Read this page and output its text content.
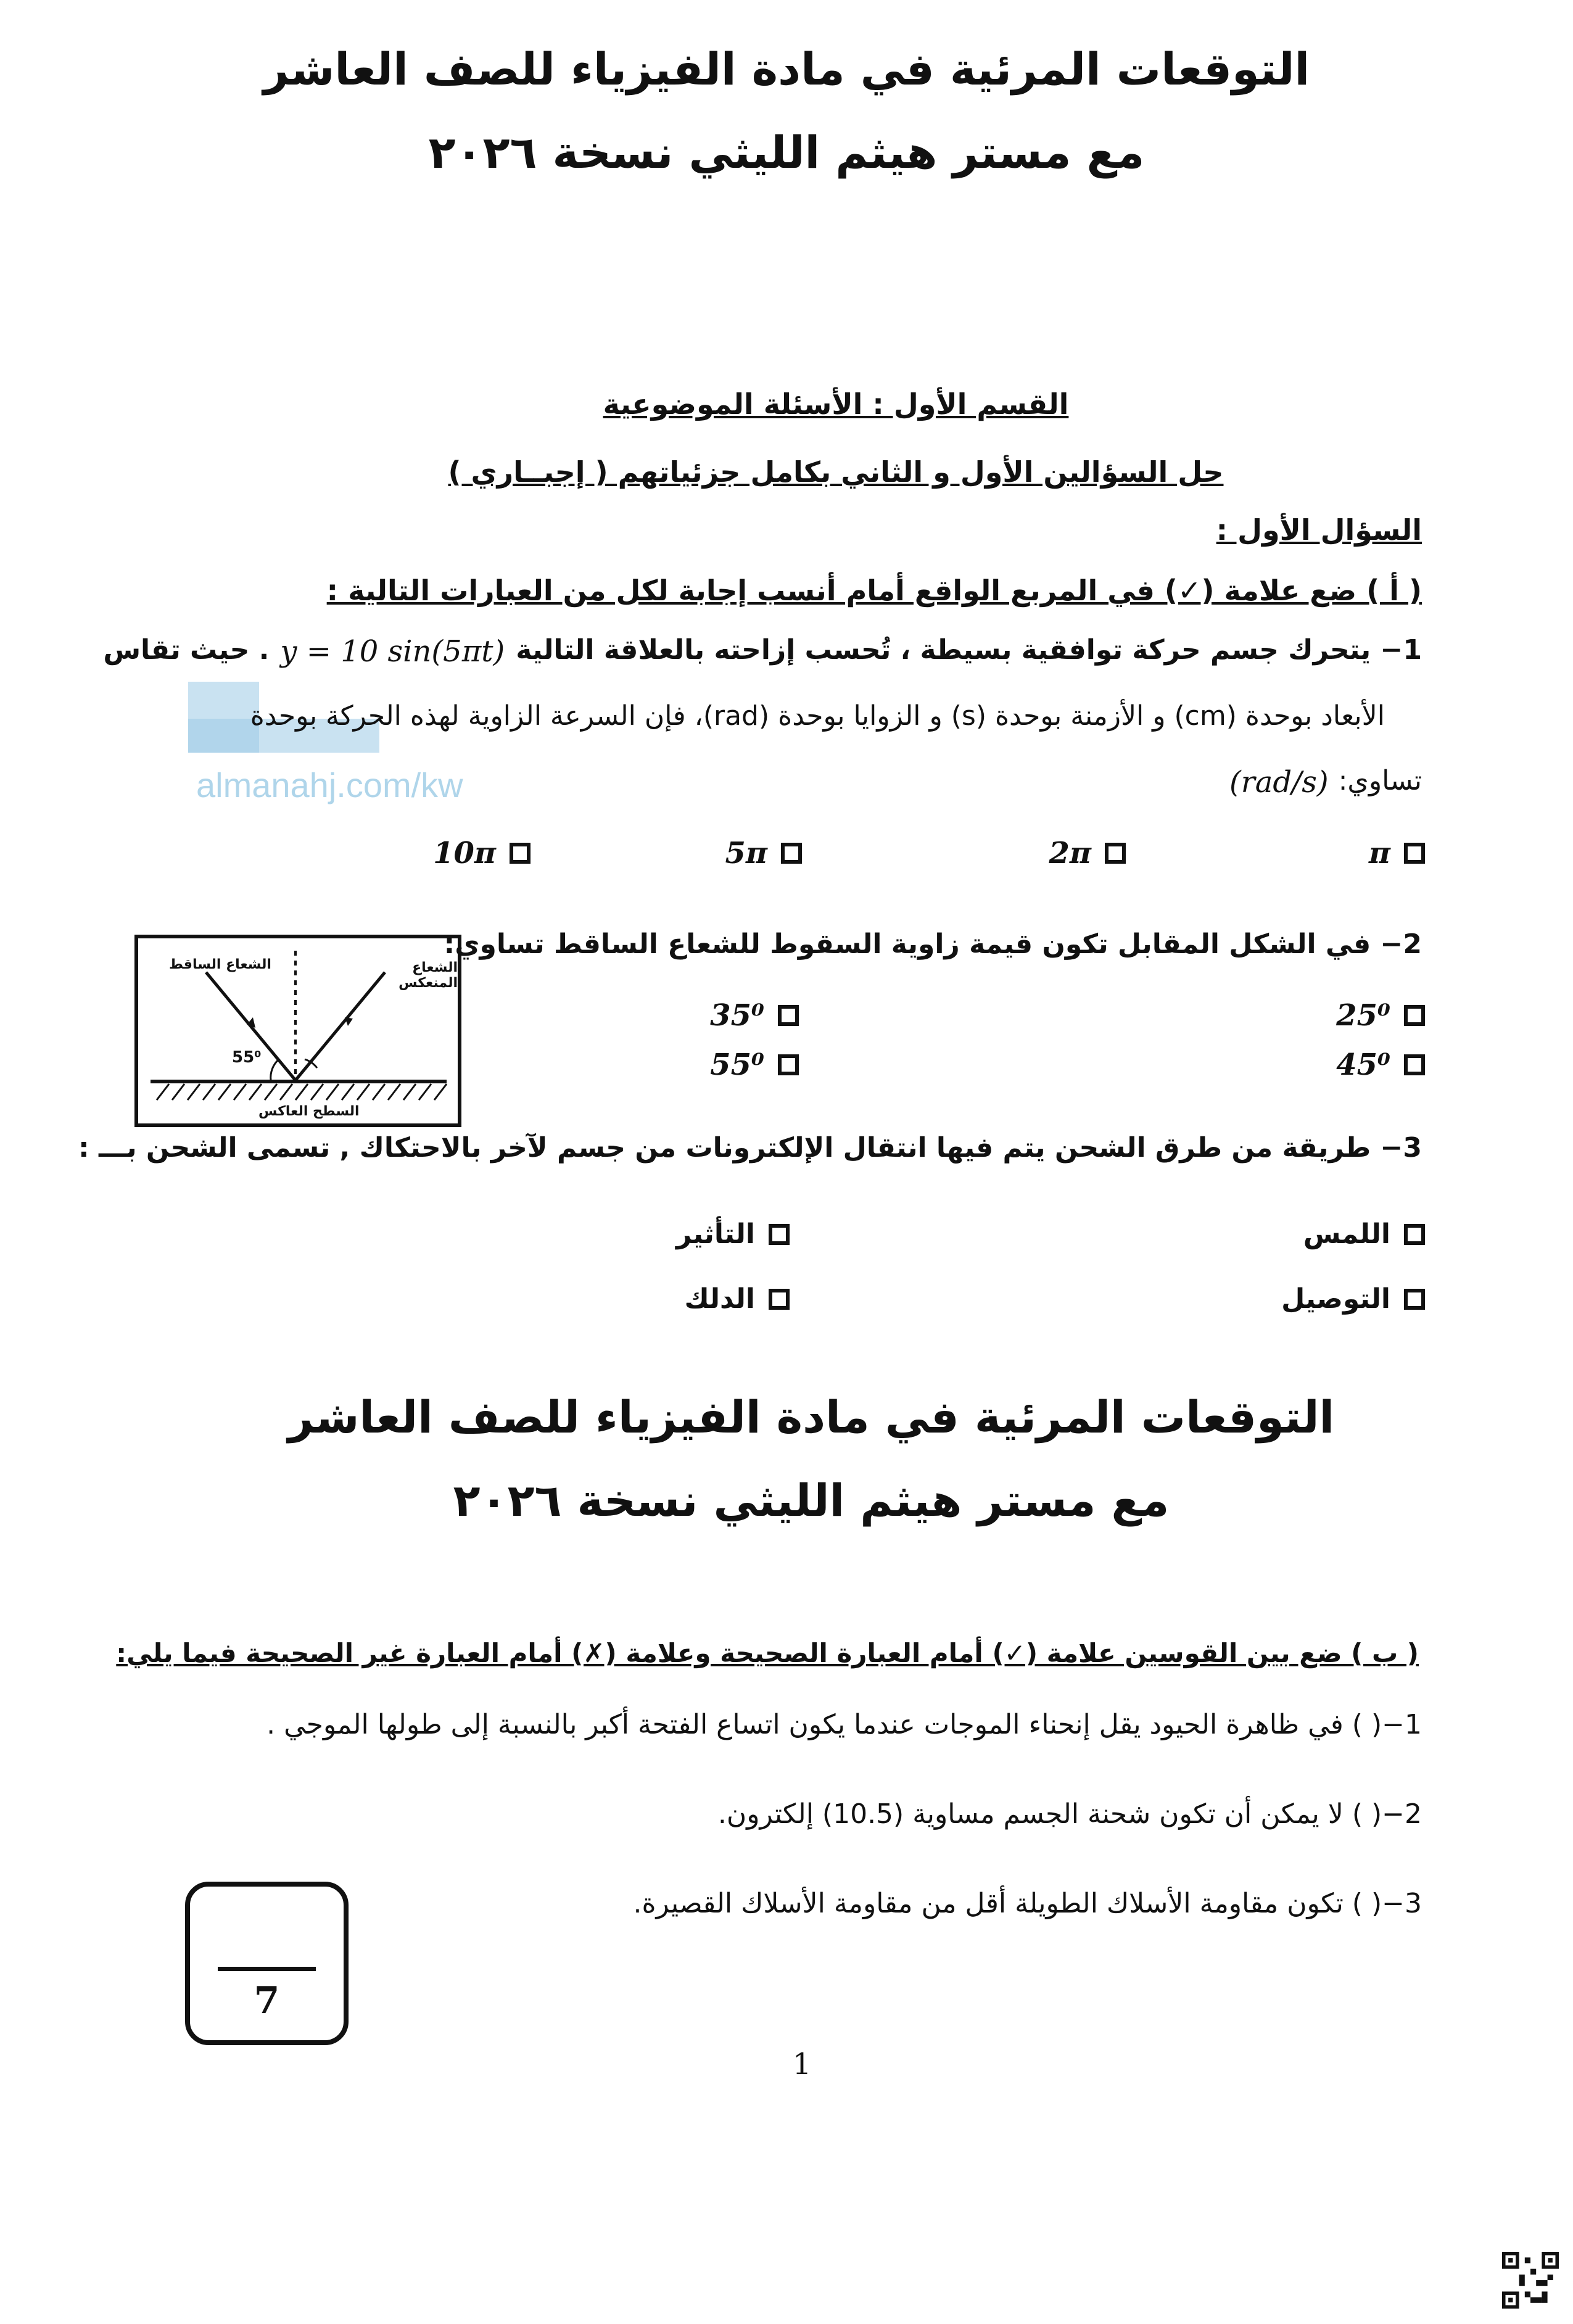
التوقعات المرئية في مادة الفيزياء للصف العاشر
مع مستر هيثم الليثي نسخة ٢٠٢٦
القسم الأول : الأسئلة الموضوعية
حل السؤالين الأول و الثاني بكامل جزئياتهم ( إجبــاري )
السؤال الأول :
( أ ) ضع علامة (✓) في المربع الواقع أمام أنسب إجابة لكل من العبارات التالية :
almanahj.com/kw
1− يتحرك جسم حركة توافقية بسيطة ، تُحسب إزاحته بالعلاقة التالية
y = 10 sin(5πt)
. حيث تقاس
الأبعاد بوحدة (cm) و الأزمنة بوحدة (s) و الزوايا بوحدة (rad)، فإن السرعة الزاوية لهذه الحركة بوحدة
تساوي:
(rad/s)
π
2π
5π
10π
2− في الشكل المقابل تكون قيمة زاوية السقوط للشعاع الساقط تساوي:
الشعاع الساقط	الشعاع المنعكس
55⁰
السطح العاكس
25⁰
35⁰
45⁰
55⁰
3− طريقة من طرق الشحن يتم فيها انتقال الإلكترونات من جسم لآخر بالاحتكاك , تسمى الشحن بـــ :
اللمس
التأثير
التوصيل
الدلك
التوقعات المرئية في مادة الفيزياء للصف العاشر
مع مستر هيثم الليثي نسخة ٢٠٢٦
( ب ) ضع بين القوسين علامة (✓) أمام العبارة الصحيحة وعلامة (✗) أمام العبارة غير الصحيحة فيما يلي:
1−( ) في ظاهرة الحيود يقل إنحناء الموجات عندما يكون اتساع الفتحة أكبر بالنسبة إلى طولها الموجي .
2−( ) لا يمكن أن تكون شحنة الجسم مساوية (10.5) إلكترون.
3−( ) تكون مقاومة الأسلاك الطويلة أقل من مقاومة الأسلاك القصيرة.
7
1
